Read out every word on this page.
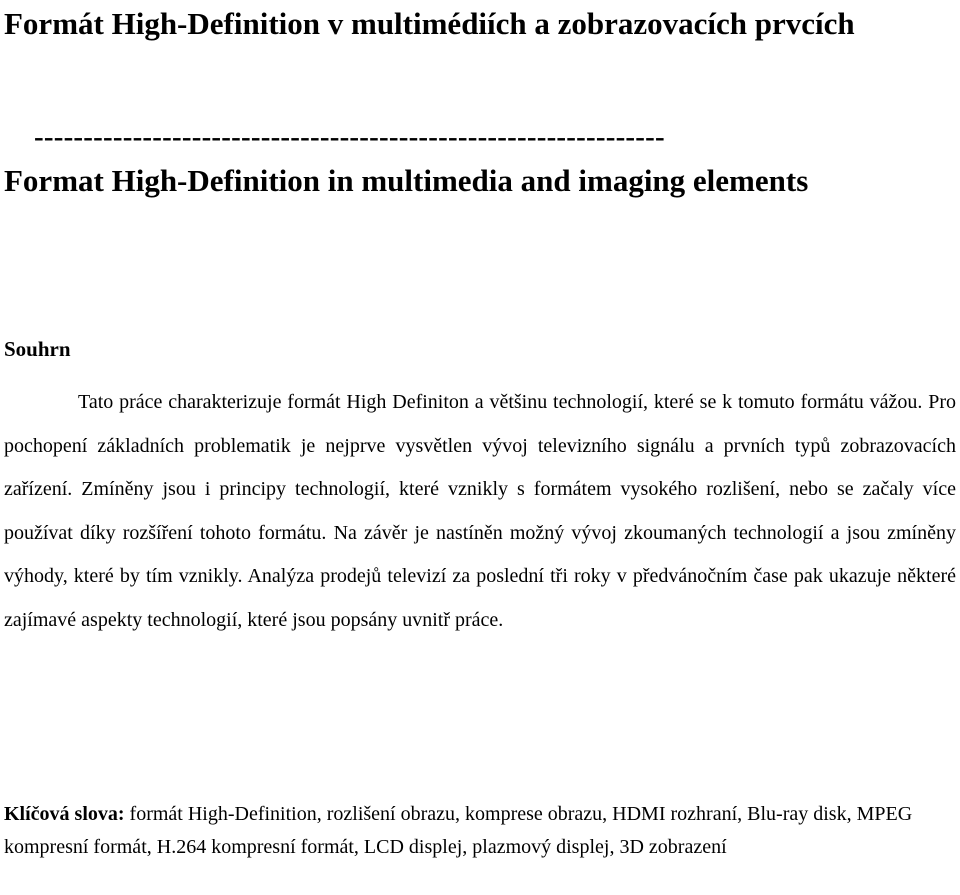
Formát High-Definition v multimédiích a zobrazovacích prvcích
----------------------------------------------------------------
Format High-Definition in multimedia and imaging elements
Souhrn

Tato práce charakterizuje formát High Definiton a většinu technologií, které se k tomuto formátu vážou. Pro pochopení základních problematik je nejprve vysvětlen vývoj televizního signálu a prvních typů zobrazovacích zařízení. Zmíněny jsou i principy technologií, které vznikly s formátem vysokého rozlišení, nebo se začaly více používat díky rozšíření tohoto formátu. Na závěr je nastíněn možný vývoj zkoumaných technologií a jsou zmíněny výhody, které by tím vznikly. Analýza prodejů televizí za poslední tři roky v předvánočním čase pak ukazuje některé zajímavé aspekty technologií, které jsou popsány uvnitř práce.

Klíčová slova: formát High-Definition, rozlišení obrazu, komprese obrazu, HDMI rozhraní, Blu-ray disk, MPEG kompresní formát, H.264 kompresní formát, LCD displej, plazmový displej, 3D zobrazení
